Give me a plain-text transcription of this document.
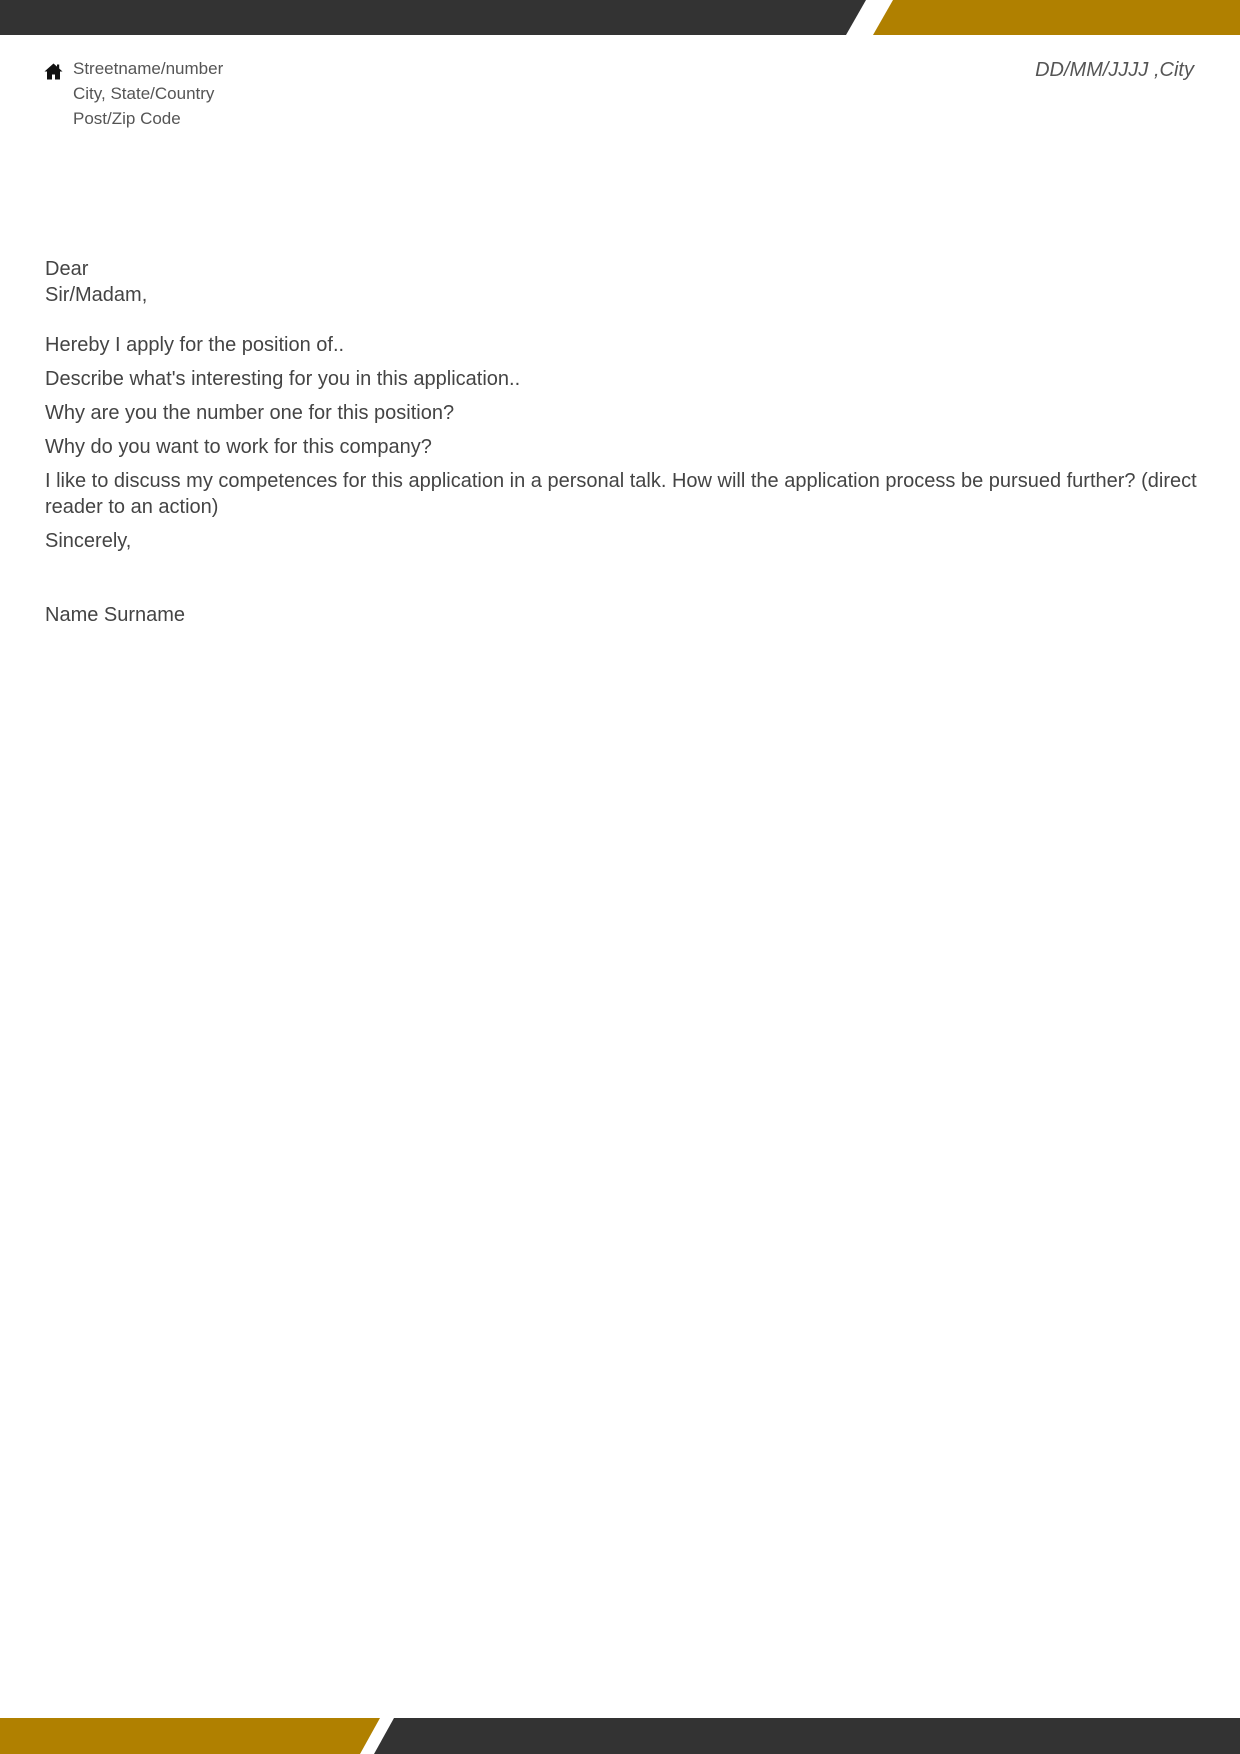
Streetname/number
City, State/Country
Post/Zip Code
DD/MM/JJJJ ,City
Dear
Sir/Madam,
Hereby I apply for the position of..
Describe what's interesting for you in this application..
Why are you the number one for this position?
Why do you want to work for this company?
I like to discuss my competences for this application in a personal talk. How will the application process be pursued further? (direct reader to an action)
Sincerely,
Name Surname
